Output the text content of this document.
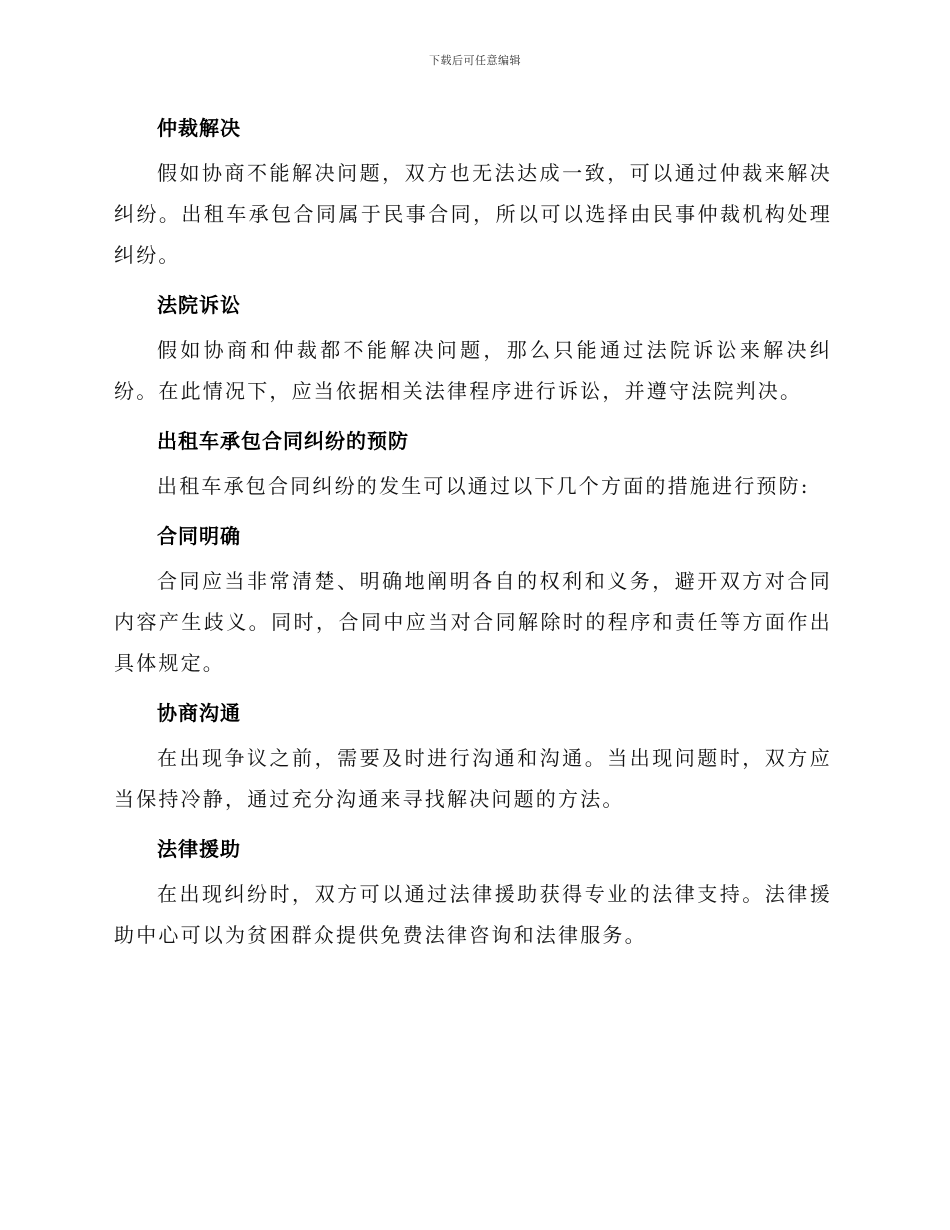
下载后可任意编辑
仲裁解决

假如协商不能解决问题，双方也无法达成一致，可以通过仲裁来解决纠纷。出租车承包合同属于民事合同，所以可以选择由民事仲裁机构处理纠纷。

法院诉讼

假如协商和仲裁都不能解决问题，那么只能通过法院诉讼来解决纠纷。在此情况下，应当依据相关法律程序进行诉讼，并遵守法院判决。

出租车承包合同纠纷的预防

出租车承包合同纠纷的发生可以通过以下几个方面的措施进行预防:

合同明确

合同应当非常清楚、明确地阐明各自的权利和义务，避开双方对合同内容产生歧义。同时，合同中应当对合同解除时的程序和责任等方面作出具体规定。

协商沟通

在出现争议之前，需要及时进行沟通和沟通。当出现问题时，双方应当保持冷静，通过充分沟通来寻找解决问题的方法。

法律援助

在出现纠纷时，双方可以通过法律援助获得专业的法律支持。法律援助中心可以为贫困群众提供免费法律咨询和法律服务。
